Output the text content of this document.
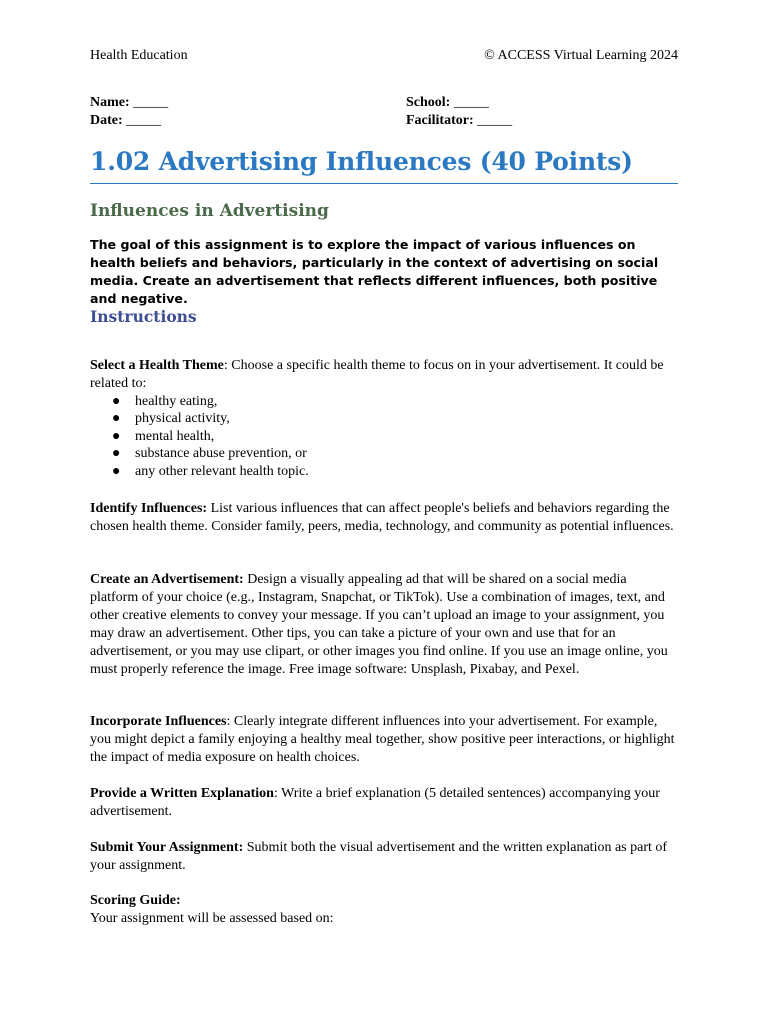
Health Education	© ACCESS Virtual Learning 2024
Name: _____	School: _____
Date: _____	Facilitator: _____
1.02 Advertising Influences (40 Points)
Influences in Advertising

The goal of this assignment is to explore the impact of various influences on health beliefs and behaviors, particularly in the context of advertising on social media. Create an advertisement that reflects different influences, both positive and negative.

Instructions

Select a Health Theme: Choose a specific health theme to focus on in your advertisement. It could be related to:

● healthy eating,
● physical activity,
● mental health,
● substance abuse prevention, or
● any other relevant health topic.

Identify Influences: List various influences that can affect people's beliefs and behaviors regarding the chosen health theme. Consider family, peers, media, technology, and community as potential influences.

Create an Advertisement: Design a visually appealing ad that will be shared on a social media platform of your choice (e.g., Instagram, Snapchat, or TikTok). Use a combination of images, text, and other creative elements to convey your message. If you can’t upload an image to your assignment, you may draw an advertisement. Other tips, you can take a picture of your own and use that for an advertisement, or you may use clipart, or other images you find online. If you use an image online, you must properly reference the image. Free image software: Unsplash, Pixabay, and Pexel.

Incorporate Influences: Clearly integrate different influences into your advertisement. For example, you might depict a family enjoying a healthy meal together, show positive peer interactions, or highlight the impact of media exposure on health choices.

Provide a Written Explanation: Write a brief explanation (5 detailed sentences) accompanying your advertisement.

Submit Your Assignment: Submit both the visual advertisement and the written explanation as part of your assignment.

Scoring Guide:
Your assignment will be assessed based on:
